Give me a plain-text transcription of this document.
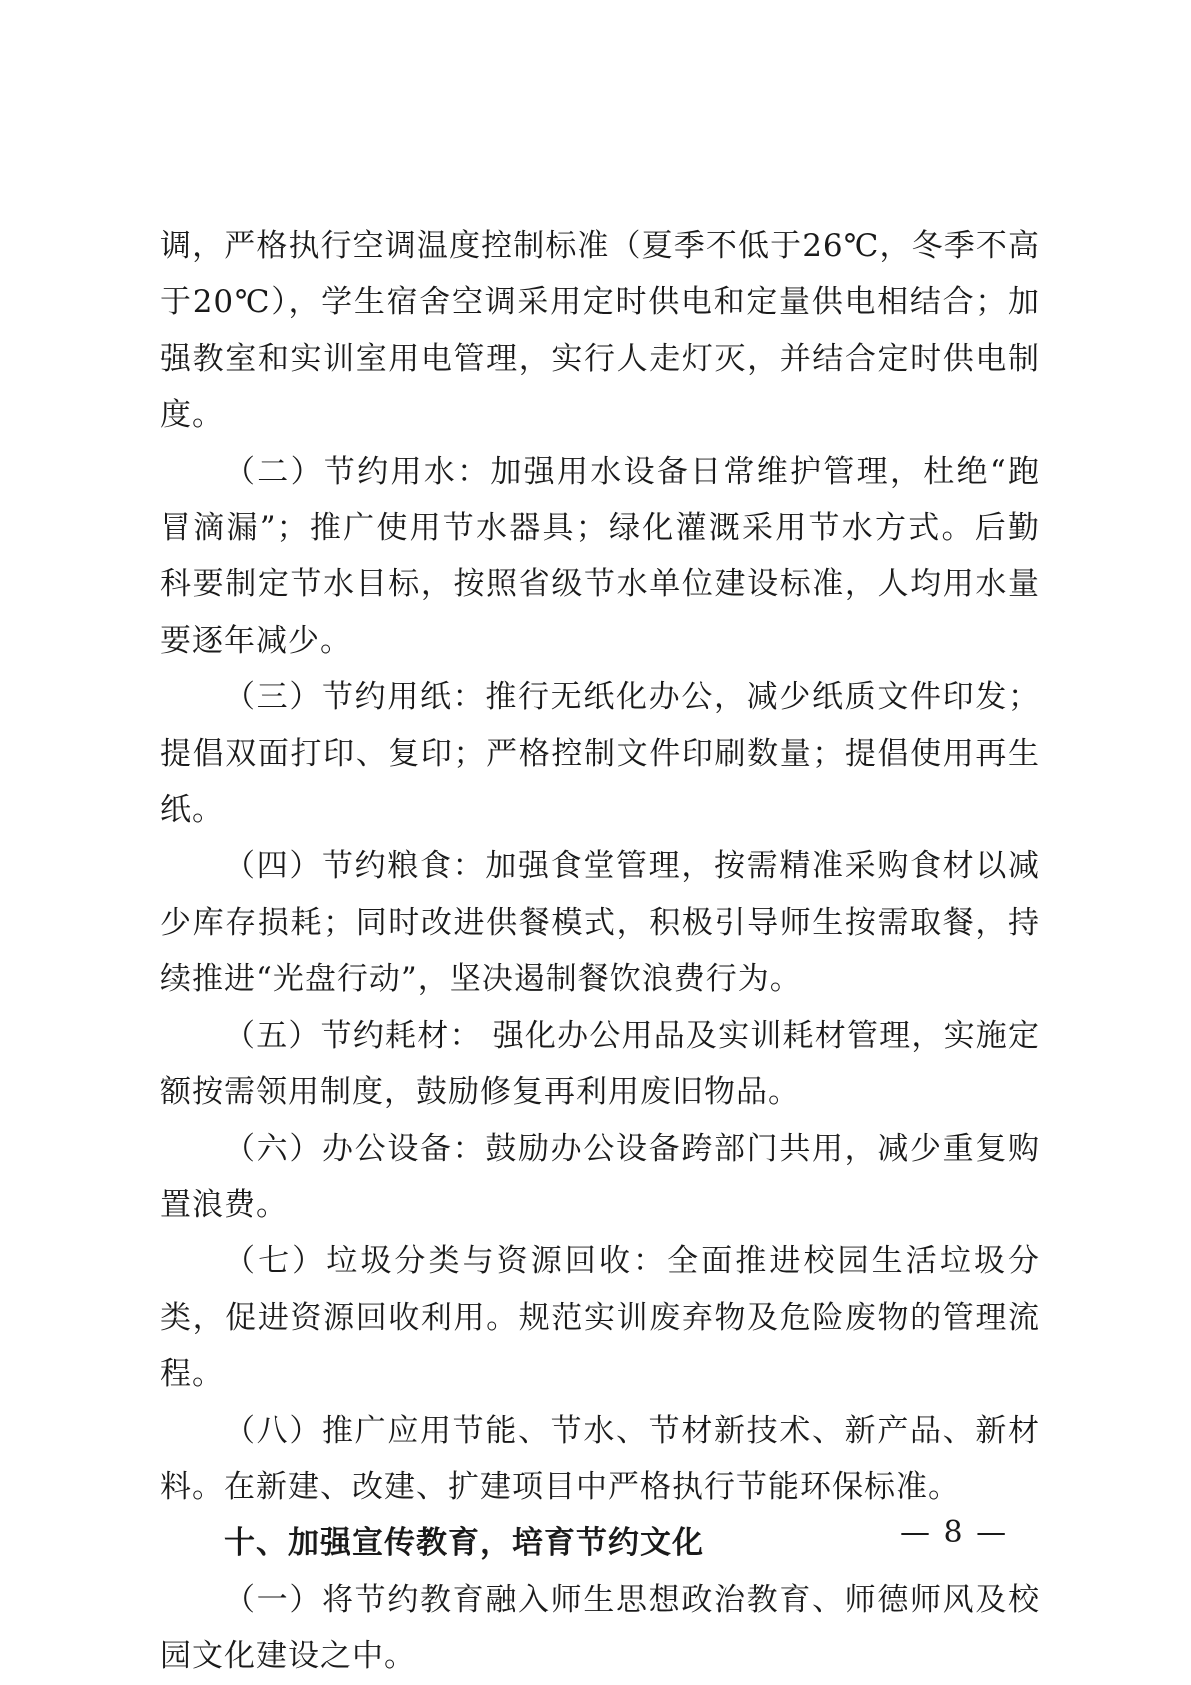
调，严格执行空调温度控制标准（夏季不低于26℃，冬季不高于20℃），学生宿舍空调采用定时供电和定量供电相结合；加强教室和实训室用电管理，实行人走灯灭，并结合定时供电制度。

（二）节约用水：加强用水设备日常维护管理，杜绝“跑冒滴漏”；推广使用节水器具；绿化灌溉采用节水方式。后勤科要制定节水目标，按照省级节水单位建设标准，人均用水量要逐年减少。

（三）节约用纸：推行无纸化办公，减少纸质文件印发；提倡双面打印、复印；严格控制文件印刷数量；提倡使用再生纸。

（四）节约粮食：加强食堂管理，按需精准采购食材以减少库存损耗；同时改进供餐模式，积极引导师生按需取餐，持续推进“光盘行动”，坚决遏制餐饮浪费行为。

（五）节约耗材： 强化办公用品及实训耗材管理，实施定额按需领用制度，鼓励修复再利用废旧物品。

（六）办公设备：鼓励办公设备跨部门共用，减少重复购置浪费。

（七）垃圾分类与资源回收：全面推进校园生活垃圾分类，促进资源回收利用。规范实训废弃物及危险废物的管理流程。

（八）推广应用节能、节水、节材新技术、新产品、新材料。在新建、改建、扩建项目中严格执行节能环保标准。

十、加强宣传教育，培育节约文化

（一）将节约教育融入师生思想政治教育、师德师风及校园文化建设之中。

— 8 —
